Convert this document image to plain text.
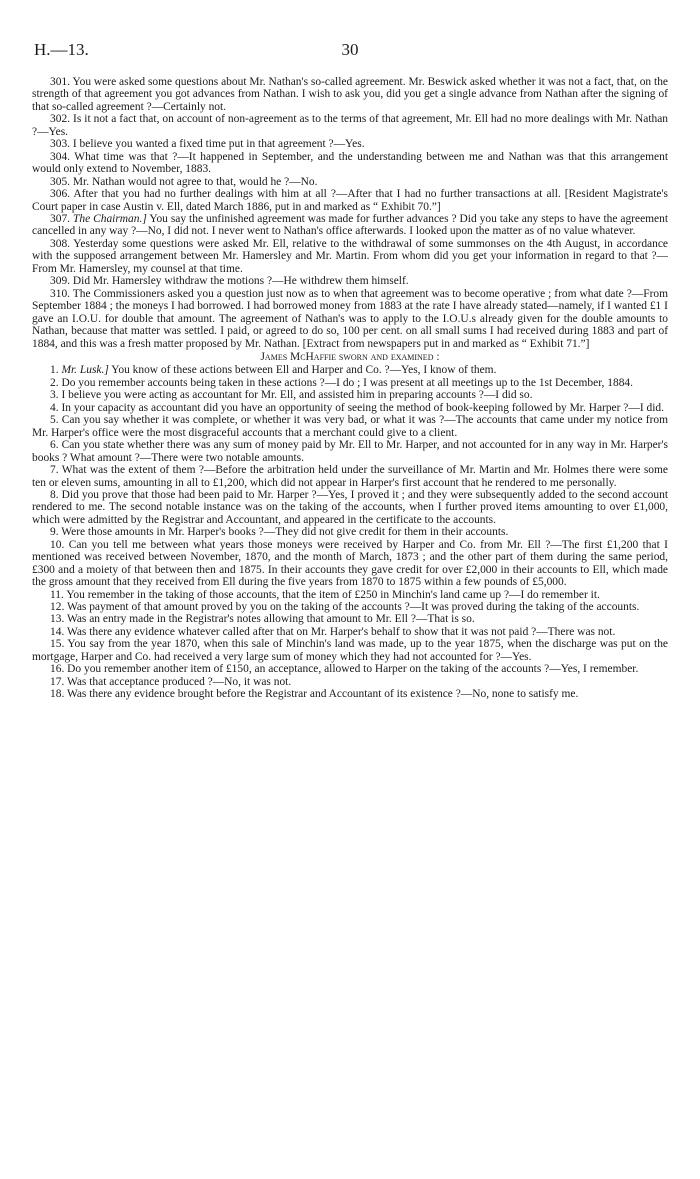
H.—13.	30

301. You were asked some questions about Mr. Nathan's so-called agreement. Mr. Beswick asked whether it was not a fact, that, on the strength of that agreement you got advances from Nathan. I wish to ask you, did you get a single advance from Nathan after the signing of that so-called agreement ?—Certainly not.

302. Is it not a fact that, on account of non-agreement as to the terms of that agreement, Mr. Ell had no more dealings with Mr. Nathan ?—Yes.

303. I believe you wanted a fixed time put in that agreement ?—Yes.

304. What time was that ?—It happened in September, and the understanding between me and Nathan was that this arrangement would only extend to November, 1883.

305. Mr. Nathan would not agree to that, would he ?—No.

306. After that you had no further dealings with him at all ?—After that I had no further transactions at all. [Resident Magistrate's Court paper in case Austin v. Ell, dated March 1886, put in and marked as “ Exhibit 70.”]

307. The Chairman.] You say the unfinished agreement was made for further advances ? Did you take any steps to have the agreement cancelled in any way ?—No, I did not. I never went to Nathan's office afterwards. I looked upon the matter as of no value whatever.

308. Yesterday some questions were asked Mr. Ell, relative to the withdrawal of some summonses on the 4th August, in accordance with the supposed arrangement between Mr. Hamersley and Mr. Martin. From whom did you get your information in regard to that ?—From Mr. Hamersley, my counsel at that time.

309. Did Mr. Hamersley withdraw the motions ?—He withdrew them himself.

310. The Commissioners asked you a question just now as to when that agreement was to become operative ; from what date ?—From September 1884 ; the moneys I had borrowed. I had borrowed money from 1883 at the rate I have already stated—namely, if I wanted £1 I gave an I.O.U. for double that amount. The agreement of Nathan's was to apply to the I.O.U.s already given for the double amounts to Nathan, because that matter was settled. I paid, or agreed to do so, 100 per cent. on all small sums I had received during 1883 and part of 1884, and this was a fresh matter proposed by Mr. Nathan. [Extract from newspapers put in and marked as “ Exhibit 71.”]

James McHaffie sworn and examined :

1. Mr. Lusk.] You know of these actions between Ell and Harper and Co. ?—Yes, I know of them.

2. Do you remember accounts being taken in these actions ?—I do ; I was present at all meetings up to the 1st December, 1884.

3. I believe you were acting as accountant for Mr. Ell, and assisted him in preparing accounts ?—I did so.

4. In your capacity as accountant did you have an opportunity of seeing the method of book-keeping followed by Mr. Harper ?—I did.

5. Can you say whether it was complete, or whether it was very bad, or what it was ?—The accounts that came under my notice from Mr. Harper's office were the most disgraceful accounts that a merchant could give to a client.

6. Can you state whether there was any sum of money paid by Mr. Ell to Mr. Harper, and not accounted for in any way in Mr. Harper's books ? What amount ?—There were two notable amounts.

7. What was the extent of them ?—Before the arbitration held under the surveillance of Mr. Martin and Mr. Holmes there were some ten or eleven sums, amounting in all to £1,200, which did not appear in Harper's first account that he rendered to me personally.

8. Did you prove that those had been paid to Mr. Harper ?—Yes, I proved it ; and they were subsequently added to the second account rendered to me. The second notable instance was on the taking of the accounts, when I further proved items amounting to over £1,000, which were admitted by the Registrar and Accountant, and appeared in the certificate to the accounts.

9. Were those amounts in Mr. Harper's books ?—They did not give credit for them in their accounts.

10. Can you tell me between what years those moneys were received by Harper and Co. from Mr. Ell ?—The first £1,200 that I mentioned was received between November, 1870, and the month of March, 1873 ; and the other part of them during the same period, £300 and a moiety of that between then and 1875. In their accounts they gave credit for over £2,000 in their accounts to Ell, which made the gross amount that they received from Ell during the five years from 1870 to 1875 within a few pounds of £5,000.

11. You remember in the taking of those accounts, that the item of £250 in Minchin's land came up ?—I do remember it.

12. Was payment of that amount proved by you on the taking of the accounts ?—It was proved during the taking of the accounts.

13. Was an entry made in the Registrar's notes allowing that amount to Mr. Ell ?—That is so.

14. Was there any evidence whatever called after that on Mr. Harper's behalf to show that it was not paid ?—There was not.

15. You say from the year 1870, when this sale of Minchin's land was made, up to the year 1875, when the discharge was put on the mortgage, Harper and Co. had received a very large sum of money which they had not accounted for ?—Yes.

16. Do you remember another item of £150, an acceptance, allowed to Harper on the taking of the accounts ?—Yes, I remember.

17. Was that acceptance produced ?—No, it was not.

18. Was there any evidence brought before the Registrar and Accountant of its existence ?—No, none to satisfy me.
